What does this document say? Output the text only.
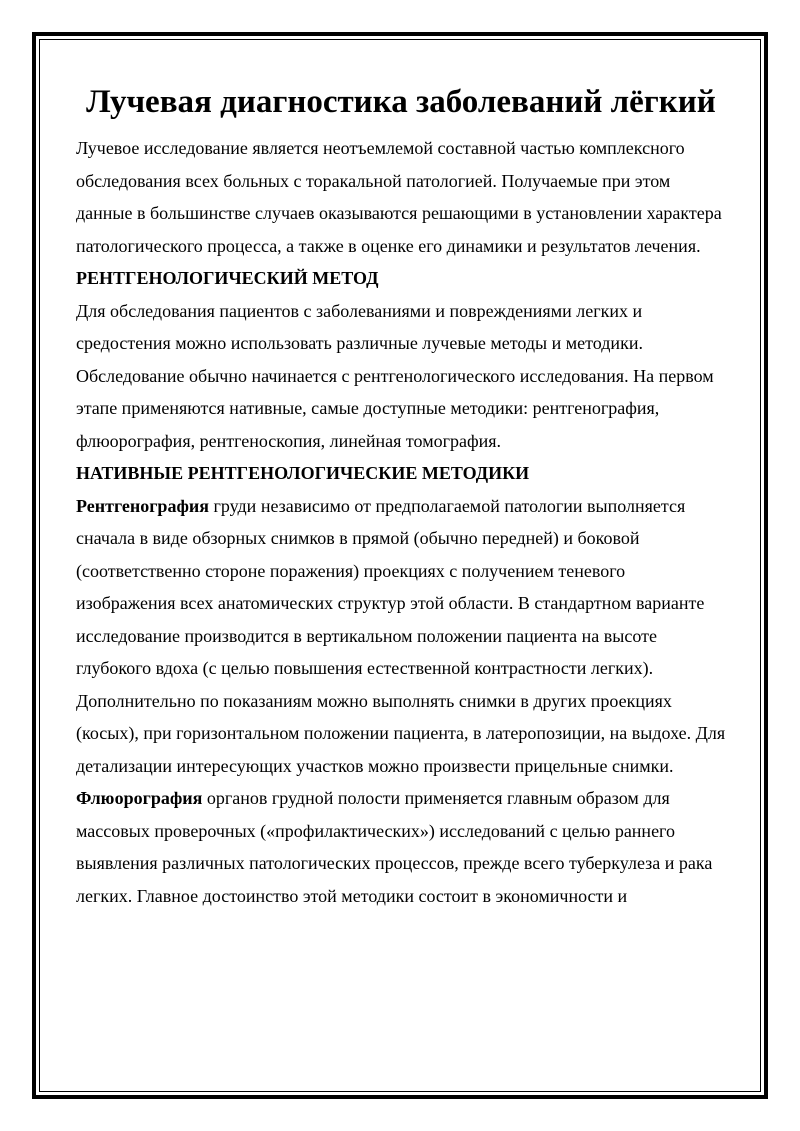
Лучевая диагностика заболеваний лёгкий

Лучевое исследование является неотъемлемой составной частью комплексного обследования всех больных с торакальной патологией. Получаемые при этом данные в большинстве случаев оказываются решающими в установлении характера патологического процесса, а также в оценке его динамики и результатов лечения.

РЕНТГЕНОЛОГИЧЕСКИЙ МЕТОД

Для обследования пациентов с заболеваниями и повреждениями легких и средостения можно использовать различные лучевые методы и методики. Обследование обычно начинается с рентгенологического исследования. На первом этапе применяются нативные, самые доступные методики: рентгенография, флюорография, рентгеноскопия, линейная томография.

НАТИВНЫЕ РЕНТГЕНОЛОГИЧЕСКИЕ МЕТОДИКИ

Рентгенография груди независимо от предполагаемой патологии выполняется сначала в виде обзорных снимков в прямой (обычно передней) и боковой (соответственно стороне поражения) проекциях с получением теневого изображения всех анатомических структур этой области. В стандартном варианте исследование производится в вертикальном положении пациента на высоте глубокого вдоха (с целью повышения естественной контрастности легких). Дополнительно по показаниям можно выполнять снимки в других проекциях (косых), при горизонтальном положении пациента, в латеропозиции, на выдохе. Для детализации интересующих участков можно произвести прицельные снимки.

Флюорография органов грудной полости применяется главным образом для массовых проверочных («профилактических») исследований с целью раннего выявления различных патологических процессов, прежде всего туберкулеза и рака легких. Главное достоинство этой методики состоит в экономичности и
